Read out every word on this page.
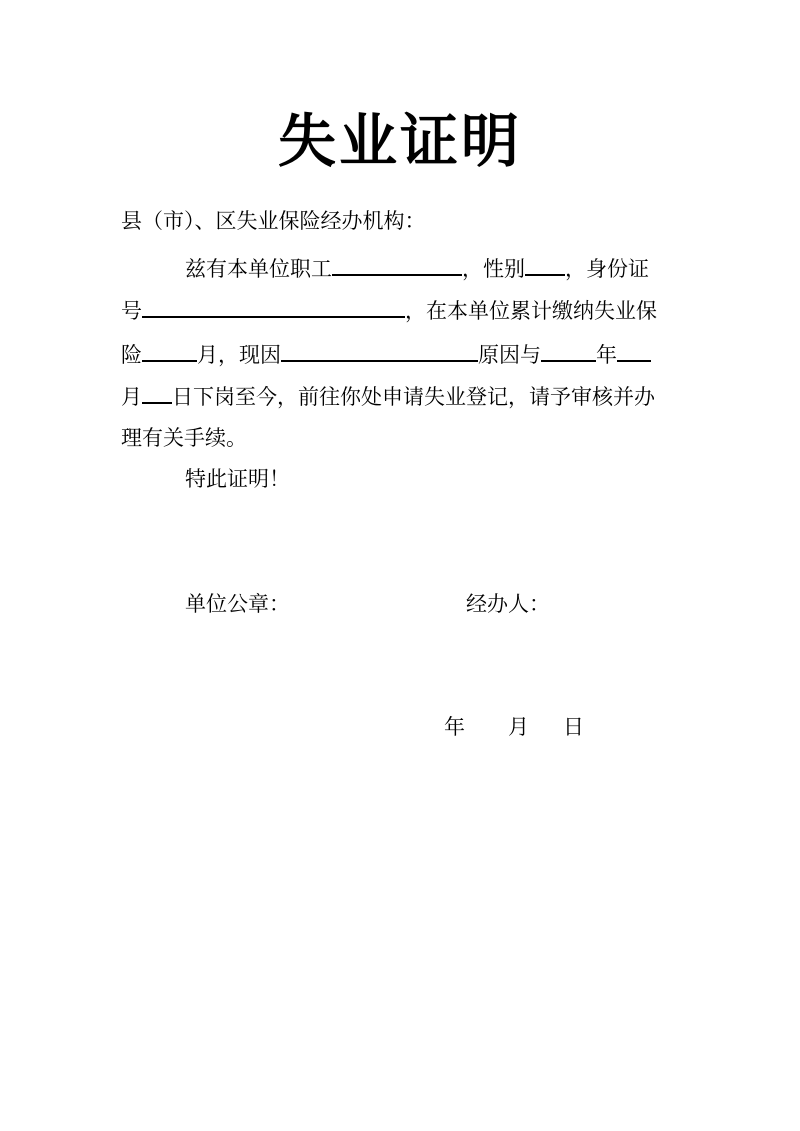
失业证明
县（市）、区失业保险经办机构：
兹有本单位职工	，性别 ，身份证
号	，在本单位累计缴纳失业保
险	月，现因	原因与	年
月 日下岗至今，前往你处申请失业登记，请予审核并办
理有关手续。
特此证明！
单位公章：	经办人：
年 月 日
